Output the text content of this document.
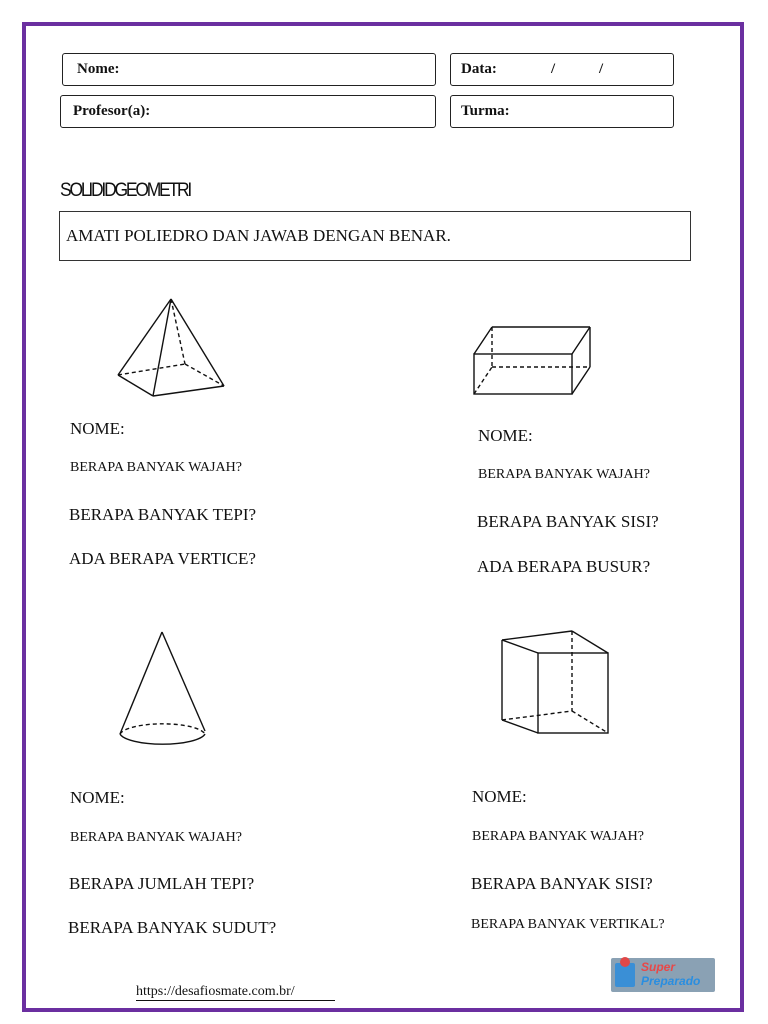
Nome:	Data:	/	/
Profesor(a):	Turma:
SOLIDIDGEOMETRI
AMATI POLIEDRO DAN JAWAB DENGAN BENAR.
NOME:
BERAPA BANYAK WAJAH?
BERAPA BANYAK TEPI?
ADA BERAPA VERTICE?
NOME:
BERAPA BANYAK WAJAH?
BERAPA BANYAK SISI?
ADA BERAPA BUSUR?
NOME:
BERAPA BANYAK WAJAH?
BERAPA JUMLAH TEPI?
BERAPA BANYAK SUDUT?
NOME:
BERAPA BANYAK WAJAH?
BERAPA BANYAK SISI?
BERAPA BANYAK VERTIKAL?
https://desafiosmate.com.br/
Super
Preparado
